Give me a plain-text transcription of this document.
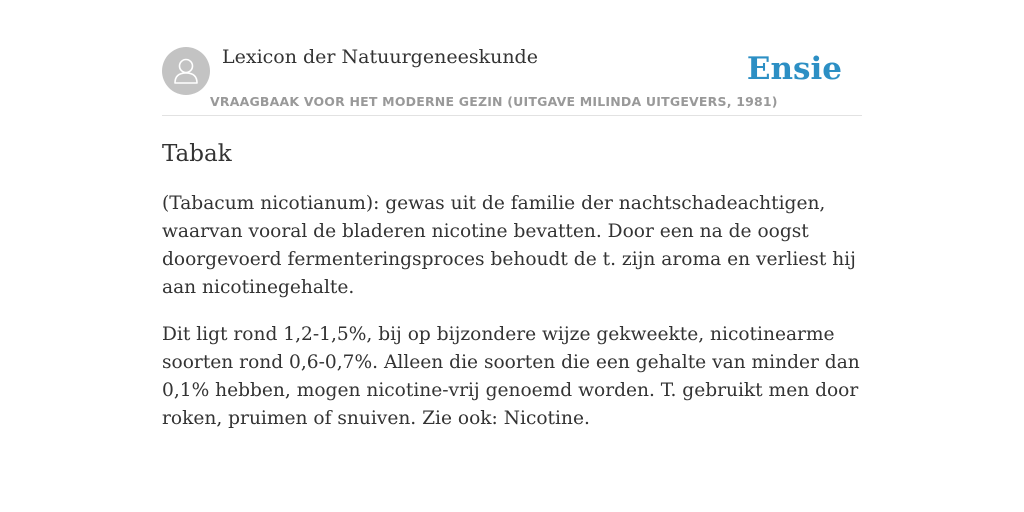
Lexicon der Natuurgeneeskunde
VRAAGBAAK VOOR HET MODERNE GEZIN (UITGAVE MILINDA UITGEVERS, 1981)
Ensie
Tabak

(Tabacum nicotianum): gewas uit de familie der nachtschadeachtigen, waarvan vooral de bladeren nicotine bevatten. Door een na de oogst doorgevoerd fermenteringsproces behoudt de t. zijn aroma en verliest hij aan nicotinegehalte.

Dit ligt rond 1,2-1,5%, bij op bijzondere wijze gekweekte, nicotinearme soorten rond 0,6-0,7%. Alleen die soorten die een gehalte van minder dan 0,1% hebben, mogen nicotine-vrij genoemd worden. T. gebruikt men door roken, pruimen of snuiven. Zie ook: Nicotine.
